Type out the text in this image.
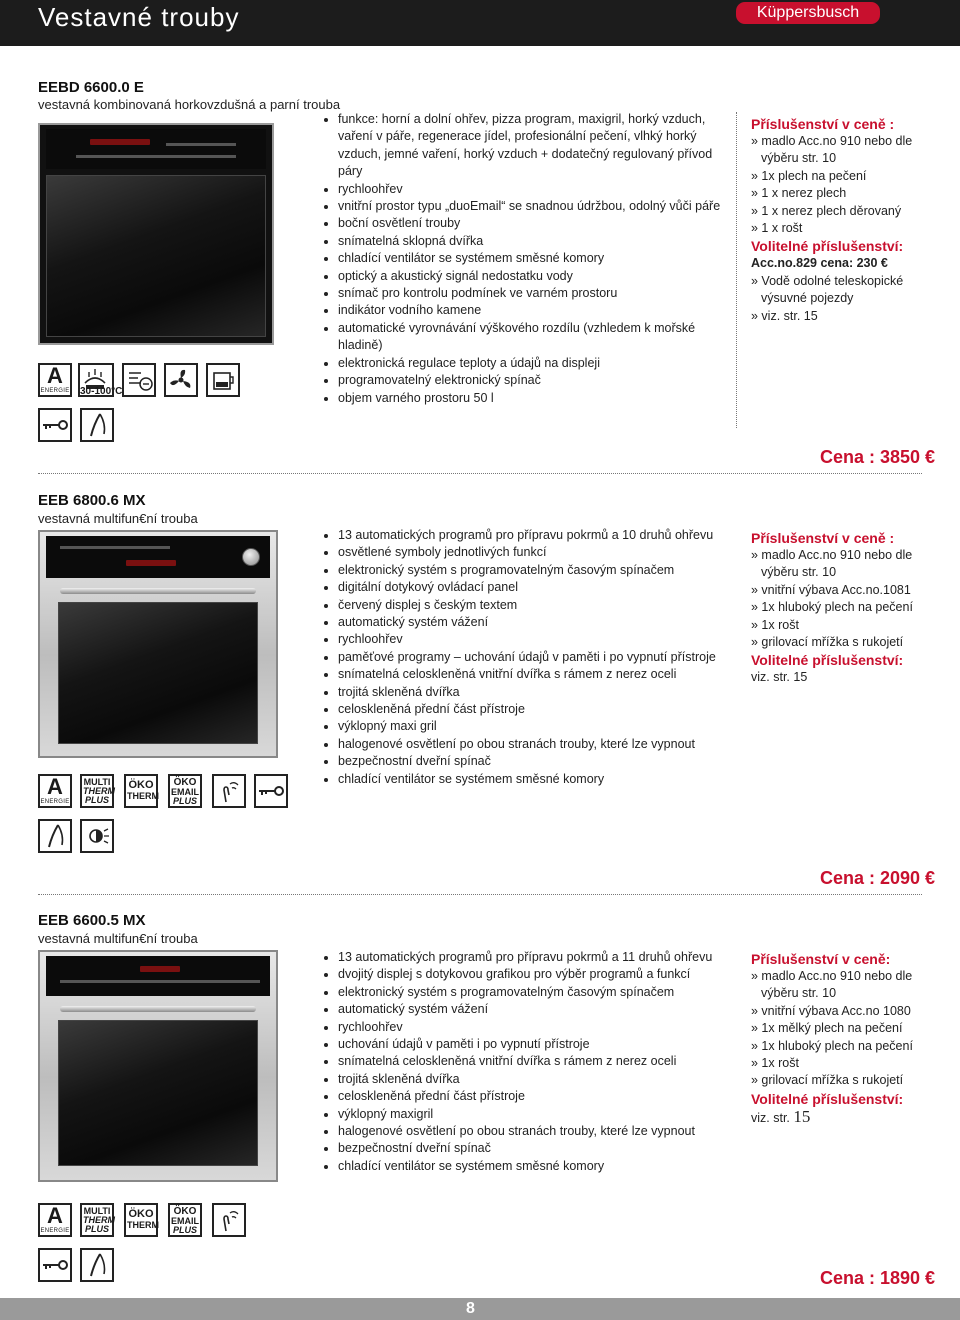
Vestavné trouby	Küppersbusch
EEBD 6600.0 E
vestavná kombinovaná horkovzdušná a parní trouba
A
ENERGIE 30-100°C
funkce: horní a dolní ohřev, pizza program, maxigril, horký vzduch, vaření v páře, regenerace jídel, profesionální pečení, vlhký horký vzduch, jemné vaření, horký vzduch + dodatečný regulovaný přívod páry
rychloohřev
vnitřní prostor typu „duoEmail“ se snadnou údržbou, odolný vůči páře
boční osvětlení trouby
snímatelná sklopná dvířka
chladící ventilátor se systémem směsné komory
optický a akustický signál nedostatku vody
snímač pro kontrolu podmínek ve varném prostoru
indikátor vodního kamene
automatické vyrovnávání výškového rozdílu (vzhledem k mořské hladině)
elektronická regulace teploty a údajů na displeji
programovatelný elektronický spínač
objem varného prostoru 50 l
Příslušenství v ceně :
» madlo Acc.no 910 nebo dle
výběru str. 10
» 1x plech na pečení
» 1 x nerez plech
» 1 x nerez plech děrovaný
» 1 x rošt
Volitelné příslušenství:
Acc.no.829 cena: 230 €
» Vodě odolné teleskopické
výsuvné pojezdy
» viz. str. 15
Cena : 3850 €
EEB 6800.6 MX
vestavná multifun€ní trouba
A
ENERGIE
MULTI
THERM
PLUS
ÖKO
THERM
ÖKO
EMAIL
PLUS
13 automatických programů pro přípravu pokrmů a 10 druhů ohřevu
osvětlené symboly jednotlivých funkcí
elektronický systém s programovatelným časovým spínačem
digitální dotykový ovládací panel
červený displej s českým textem
automatický systém vážení
rychloohřev
paměťové programy – uchování údajů v paměti i po vypnutí přístroje
snímatelná celoskleněná vnitřní dvířka s rámem z nerez oceli
trojitá skleněná dvířka
celoskleněná přední část přístroje
výklopný maxi gril
halogenové osvětlení po obou stranách trouby, které lze vypnout
bezpečnostní dveřní spínač
chladící ventilátor se systémem směsné komory
Příslušenství v ceně :
» madlo Acc.no 910 nebo dle
výběru str. 10
» vnitřní výbava Acc.no.1081
» 1x hluboký plech na pečení
» 1x rošt
» grilovací mřížka s rukojetí
Volitelné příslušenství:
viz. str. 15
Cena : 2090 €
EEB 6600.5 MX
vestavná multifun€ní trouba
A
ENERGIE
MULTI
THERM
PLUS
ÖKO
THERM
ÖKO
EMAIL
PLUS
13 automatických programů pro přípravu pokrmů a 11 druhů ohřevu
dvojitý displej s dotykovou grafikou pro výběr programů a funkcí
elektronický systém s programovatelným časovým spínačem
automatický systém vážení
rychloohřev
uchování údajů v paměti i po vypnutí přístroje
snímatelná celoskleněná vnitřní dvířka s rámem z nerez oceli
trojitá skleněná dvířka
celoskleněná přední část přístroje
výklopný maxigril
halogenové osvětlení po obou stranách trouby, které lze vypnout
bezpečnostní dveřní spínač
chladící ventilátor se systémem směsné komory
Příslušenství v ceně:
» madlo Acc.no 910 nebo dle
výběru str. 10
» vnitřní výbava Acc.no 1080
» 1x mělký plech na pečení
» 1x hluboký plech na pečení
» 1x rošt
» grilovací mřížka s rukojetí
Volitelné příslušenství:
viz. str. 15
Cena : 1890 €
8
